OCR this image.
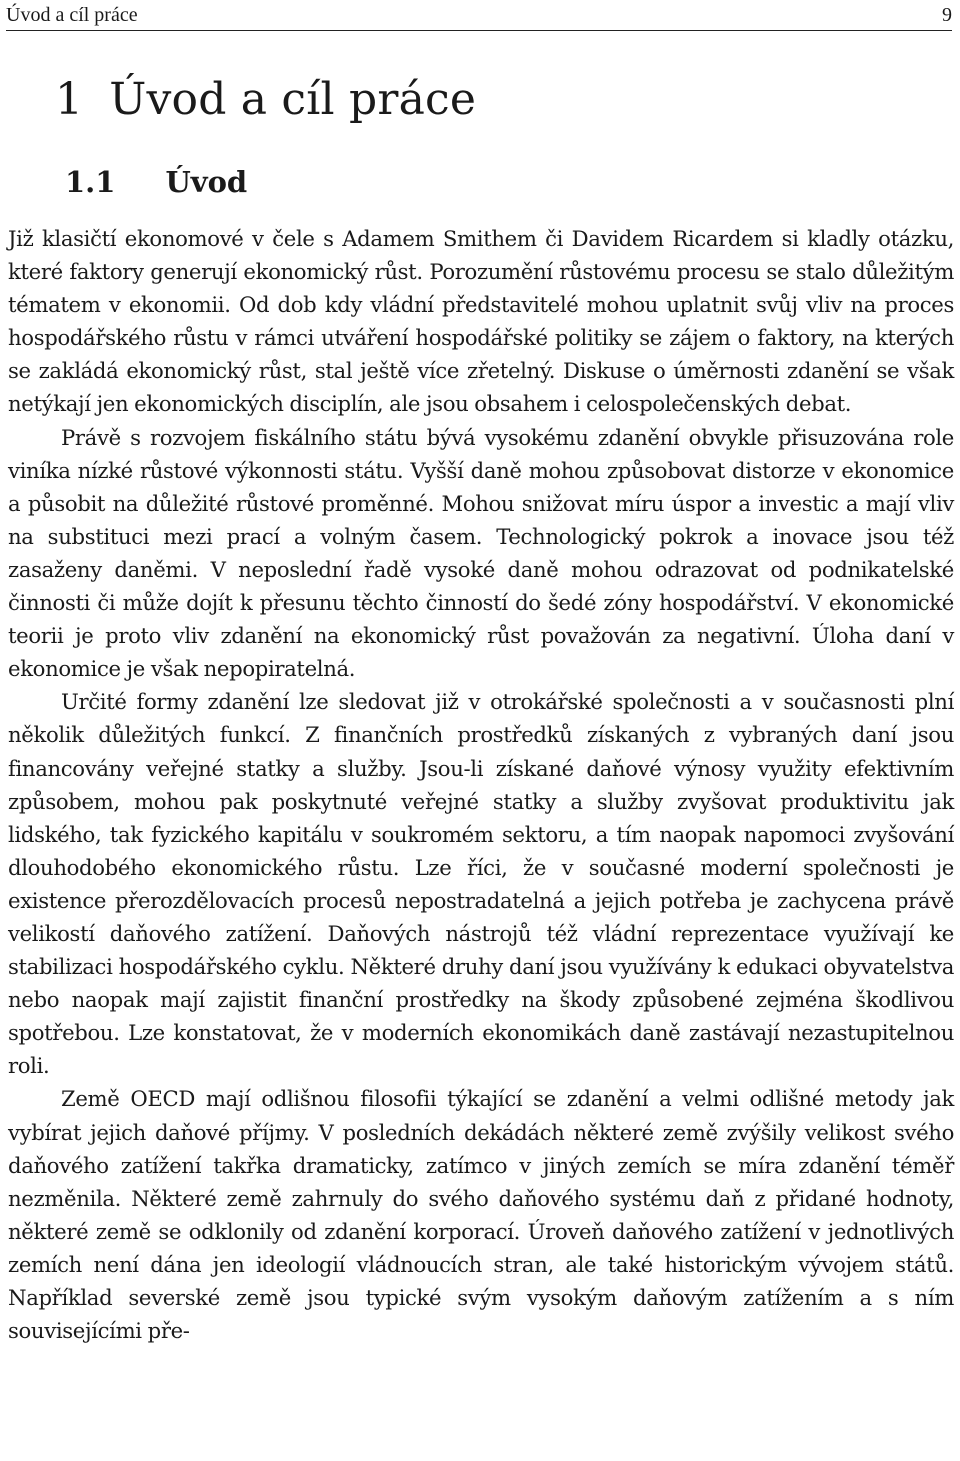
Úvod a cíl práce	9
1 Úvod a cíl práce
1.1 Úvod

Již klasičtí ekonomové v čele s Adamem Smithem či Davidem Ricardem si kladly otázku, které faktory generují ekonomický růst. Porozumění růstovému procesu se stalo důležitým tématem v ekonomii. Od dob kdy vládní představitelé mohou uplatnit svůj vliv na proces hospodářského růstu v rámci utváření hospodářské politiky se zájem o faktory, na kterých se zakládá ekonomický růst, stal ještě více zřetelný. Diskuse o úměrnosti zdanění se však netýkají jen ekonomických disciplín, ale jsou obsahem i celospolečenských debat.

Právě s rozvojem fiskálního státu bývá vysokému zdanění obvykle přisuzována role viníka nízké růstové výkonnosti státu. Vyšší daně mohou způsobovat distorze v ekonomice a působit na důležité růstové proměnné. Mohou snižovat míru úspor a investic a mají vliv na substituci mezi prací a volným časem. Technologický pokrok a inovace jsou též zasaženy daněmi. V neposlední řadě vysoké daně mohou odrazovat od podnikatelské činnosti či může dojít k přesunu těchto činností do šedé zóny hospodářství. V ekonomické teorii je proto vliv zdanění na ekonomický růst považován za negativní. Úloha daní v ekonomice je však nepopiratelná.

Určité formy zdanění lze sledovat již v otrokářské společnosti a v současnosti plní několik důležitých funkcí. Z finančních prostředků získaných z vybraných daní jsou financovány veřejné statky a služby. Jsou-li získané daňové výnosy využity efektivním způsobem, mohou pak poskytnuté veřejné statky a služby zvyšovat produktivitu jak lidského, tak fyzického kapitálu v soukromém sektoru, a tím naopak napomoci zvyšování dlouhodobého ekonomického růstu. Lze říci, že v současné moderní společnosti je existence přerozdělovacích procesů nepostradatelná a jejich potřeba je zachycena právě velikostí daňového zatížení. Daňových nástrojů též vládní reprezentace využívají ke stabilizaci hospodářského cyklu. Některé druhy daní jsou využívány k edukaci obyvatelstva nebo naopak mají zajistit finanční prostředky na škody způsobené zejména škodlivou spotřebou. Lze konstatovat, že v moderních ekonomikách daně zastávají nezastupitelnou roli.

Země OECD mají odlišnou filosofii týkající se zdanění a velmi odlišné metody jak vybírat jejich daňové příjmy. V posledních dekádách některé země zvýšily velikost svého daňového zatížení takřka dramaticky, zatímco v jiných zemích se míra zdanění téměř nezměnila. Některé země zahrnuly do svého daňového systému daň z přidané hodnoty, některé země se odklonily od zdanění korporací. Úroveň daňového zatížení v jednotlivých zemích není dána jen ideologií vládnoucích stran, ale také historickým vývojem států. Například severské země jsou typické svým vysokým daňovým zatížením a s ním souvisejícími pře-
